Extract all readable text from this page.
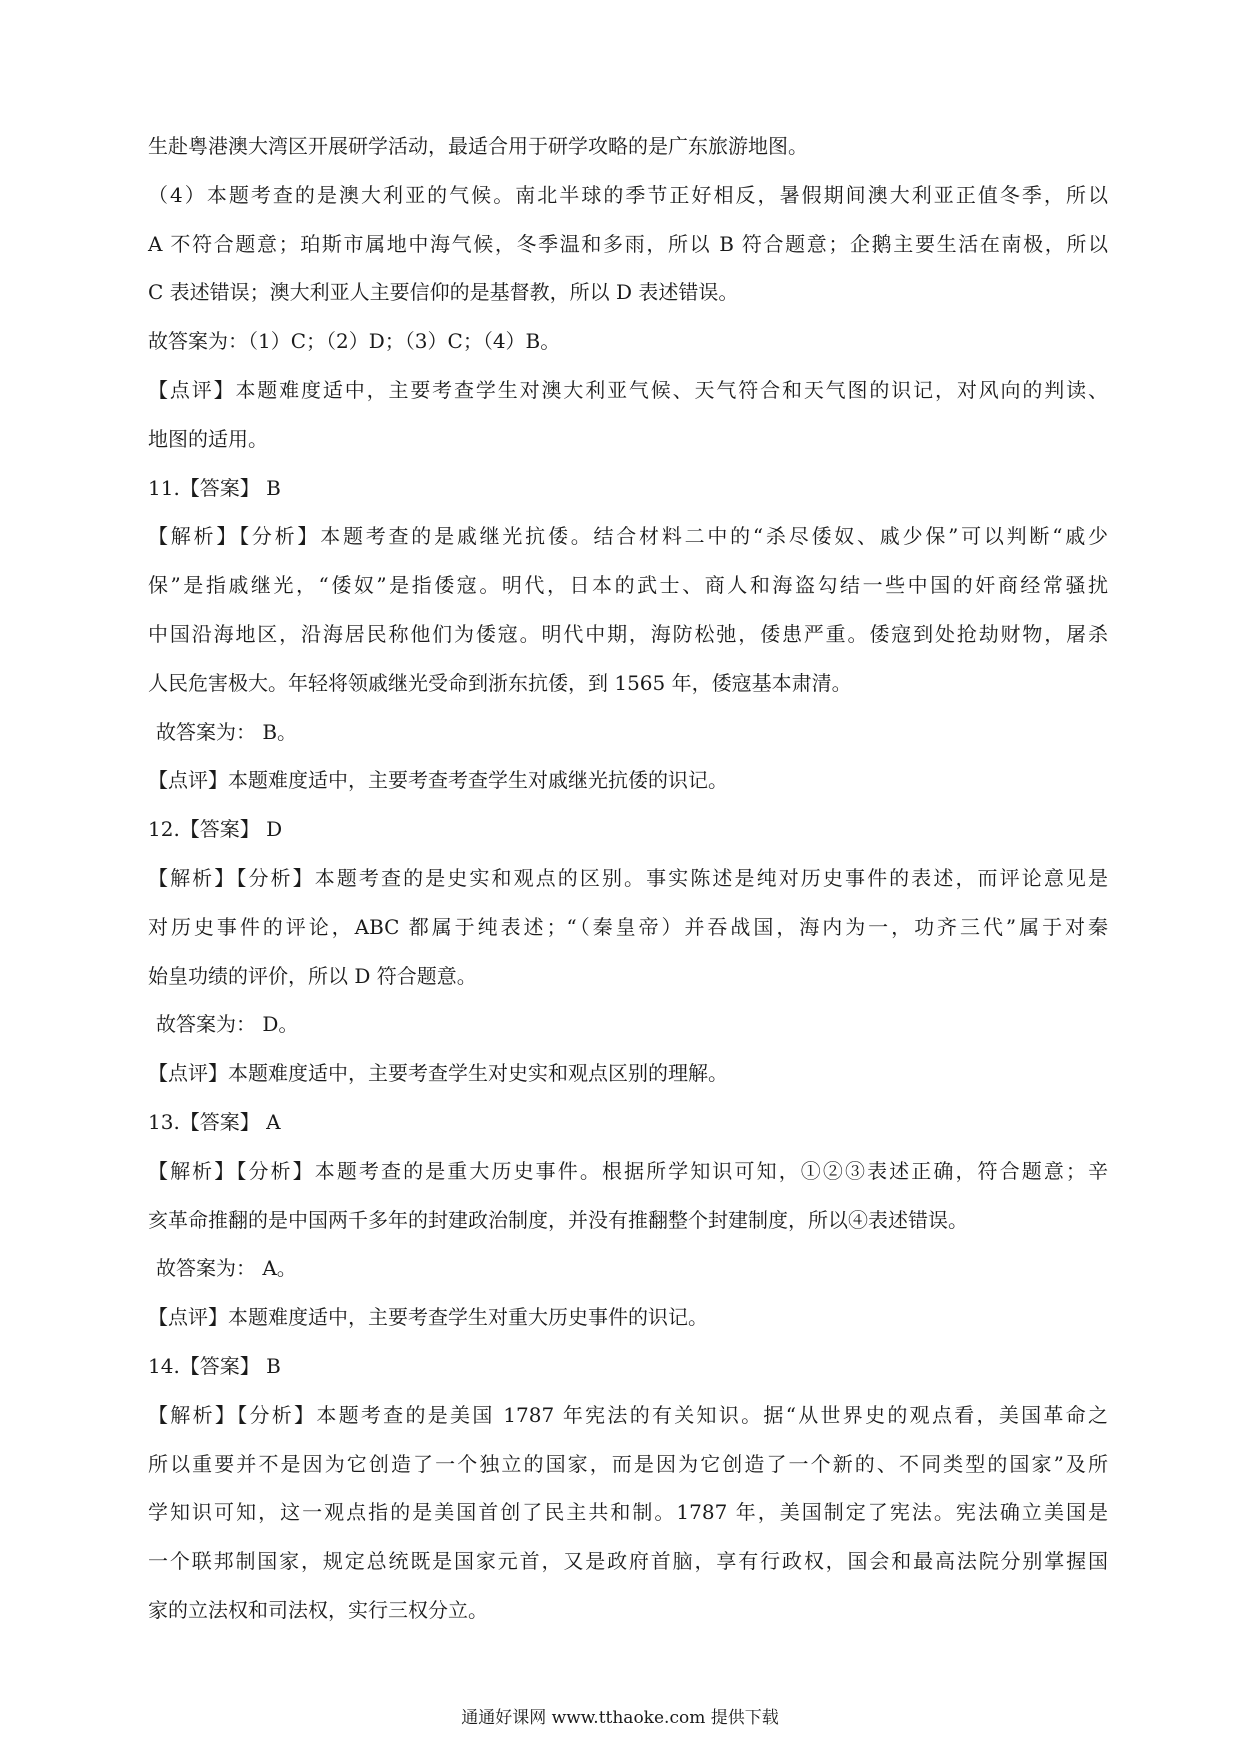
生赴粤港澳大湾区开展研学活动，最适合用于研学攻略的是广东旅游地图。
（4）本题考查的是澳大利亚的气候。南北半球的季节正好相反，暑假期间澳大利亚正值冬季，所以
A 不符合题意；珀斯市属地中海气候，冬季温和多雨，所以 B 符合题意；企鹅主要生活在南极，所以
C 表述错误；澳大利亚人主要信仰的是基督教，所以 D 表述错误。
故答案为：（1）C；（2）D；（3）C；（4）B。
【点评】本题难度适中，主要考查学生对澳大利亚气候、天气符合和天气图的识记，对风向的判读、
地图的适用。
11.【答案】 B
【解析】【分析】本题考查的是戚继光抗倭。结合材料二中的“杀尽倭奴、戚少保”可以判断“戚少
保”是指戚继光，“倭奴”是指倭寇。明代，日本的武士、商人和海盗勾结一些中国的奸商经常骚扰
中国沿海地区，沿海居民称他们为倭寇。明代中期，海防松弛，倭患严重。倭寇到处抢劫财物，屠杀
人民危害极大。年轻将领戚继光受命到浙东抗倭，到 1565 年，倭寇基本肃清。
故答案为： B。
【点评】本题难度适中，主要考查考查学生对戚继光抗倭的识记。
12.【答案】 D
【解析】【分析】本题考查的是史实和观点的区别。事实陈述是纯对历史事件的表述，而评论意见是
对历史事件的评论，ABC 都属于纯表述；“（秦皇帝）并吞战国，海内为一，功齐三代”属于对秦
始皇功绩的评价，所以 D 符合题意。
故答案为： D。
【点评】本题难度适中，主要考查学生对史实和观点区别的理解。
13.【答案】 A
【解析】【分析】本题考查的是重大历史事件。根据所学知识可知，①②③表述正确，符合题意；辛
亥革命推翻的是中国两千多年的封建政治制度，并没有推翻整个封建制度，所以④表述错误。
故答案为： A。
【点评】本题难度适中，主要考查学生对重大历史事件的识记。
14.【答案】 B
【解析】【分析】本题考查的是美国 1787 年宪法的有关知识。据“从世界史的观点看，美国革命之
所以重要并不是因为它创造了一个独立的国家，而是因为它创造了一个新的、不同类型的国家”及所
学知识可知，这一观点指的是美国首创了民主共和制。1787 年，美国制定了宪法。宪法确立美国是
一个联邦制国家，规定总统既是国家元首，又是政府首脑，享有行政权，国会和最高法院分别掌握国
家的立法权和司法权，实行三权分立。
通通好课网 www.tthaoke.com 提供下载
